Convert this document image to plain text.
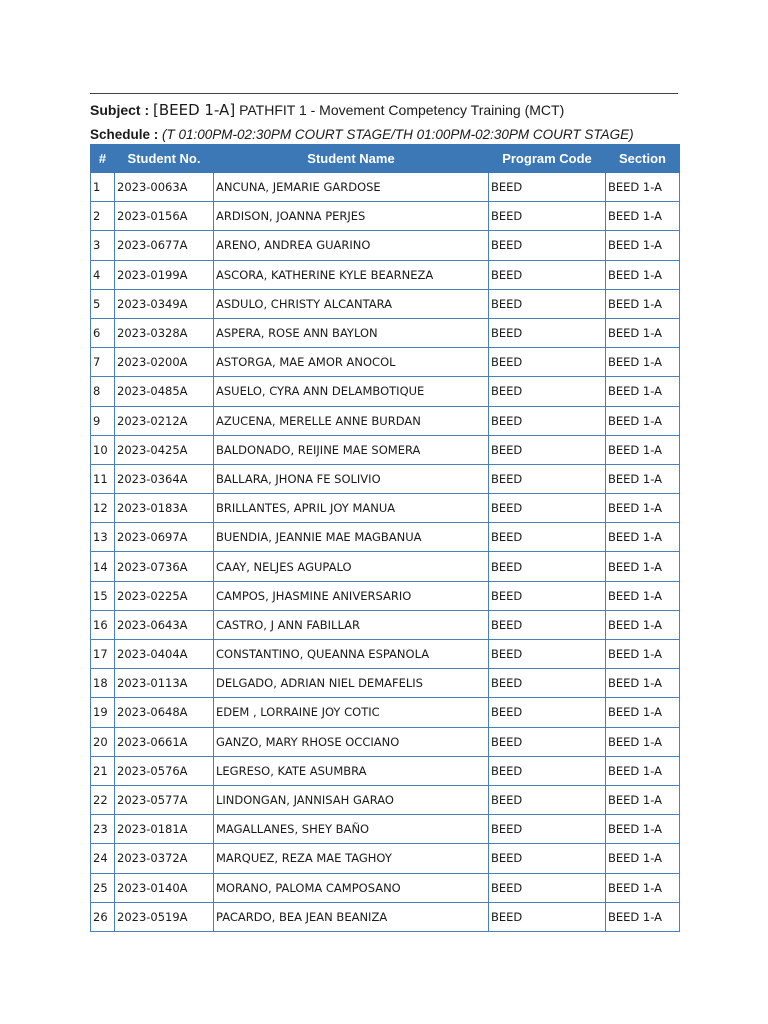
Subject : [BEED 1-A] PATHFIT 1 - Movement Competency Training (MCT)
Schedule : (T 01:00PM-02:30PM COURT STAGE/TH 01:00PM-02:30PM COURT STAGE)
#	Student No.	Student Name	Program Code	Section
1	2023-0063A	ANCUNA, JEMARIE GARDOSE	BEED	BEED 1-A
2	2023-0156A	ARDISON, JOANNA PERJES	BEED	BEED 1-A
3	2023-0677A	ARENO, ANDREA GUARINO	BEED	BEED 1-A
4	2023-0199A	ASCORA, KATHERINE KYLE BEARNEZA	BEED	BEED 1-A
5	2023-0349A	ASDULO, CHRISTY ALCANTARA	BEED	BEED 1-A
6	2023-0328A	ASPERA, ROSE ANN BAYLON	BEED	BEED 1-A
7	2023-0200A	ASTORGA, MAE AMOR ANOCOL	BEED	BEED 1-A
8	2023-0485A	ASUELO, CYRA ANN DELAMBOTIQUE	BEED	BEED 1-A
9	2023-0212A	AZUCENA, MERELLE ANNE BURDAN	BEED	BEED 1-A
10	2023-0425A	BALDONADO, REIJINE MAE SOMERA	BEED	BEED 1-A
11	2023-0364A	BALLARA, JHONA FE SOLIVIO	BEED	BEED 1-A
12	2023-0183A	BRILLANTES, APRIL JOY MANUA	BEED	BEED 1-A
13	2023-0697A	BUENDIA, JEANNIE MAE MAGBANUA	BEED	BEED 1-A
14	2023-0736A	CAAY, NELJES AGUPALO	BEED	BEED 1-A
15	2023-0225A	CAMPOS, JHASMINE ANIVERSARIO	BEED	BEED 1-A
16	2023-0643A	CASTRO, J ANN FABILLAR	BEED	BEED 1-A
17	2023-0404A	CONSTANTINO, QUEANNA ESPANOLA	BEED	BEED 1-A
18	2023-0113A	DELGADO, ADRIAN NIEL DEMAFELIS	BEED	BEED 1-A
19	2023-0648A	EDEM , LORRAINE JOY COTIC	BEED	BEED 1-A
20	2023-0661A	GANZO, MARY RHOSE OCCIANO	BEED	BEED 1-A
21	2023-0576A	LEGRESO, KATE ASUMBRA	BEED	BEED 1-A
22	2023-0577A	LINDONGAN, JANNISAH GARAO	BEED	BEED 1-A
23	2023-0181A	MAGALLANES, SHEY BAÑO	BEED	BEED 1-A
24	2023-0372A	MARQUEZ, REZA MAE TAGHOY	BEED	BEED 1-A
25	2023-0140A	MORANO, PALOMA CAMPOSANO	BEED	BEED 1-A
26	2023-0519A	PACARDO, BEA JEAN BEANIZA	BEED	BEED 1-A
